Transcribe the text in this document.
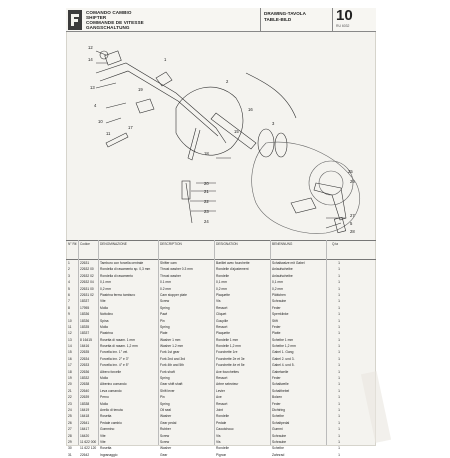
COMANDO CAMBIO
SHIFTER
COMMANDE DE VITESSE
GANGSCHALTUNG
DRAWING-TAVOLA
TABLE-BILD	10
RU 6032
12
14
13
4
10
11
19
1
17
2
16
15
3
18
20
21
22
23
24
25
26
27
5
28
N° Rif. Codice	DENOMINAZIONE	DESCRIPTION	DESIGNATION	BENENNUNG	Q.ta
1	22631	Tamburo con forcella centrale	Shifter cam	Barillet avec fourchette	Schaltwalze mit Gabel	1
2	22632 00	Rondella di rasamento sp. 0,3 mm	Thrust washer 0.3 mm	Rondelle d'ajustement	Anlaufscheibe	1
3	22632 02	Rondella di rasamento	Thrust washer	Rondelle	Anlaufscheibe	1
4	22632 04	0,1 mm	0.1 mm	0,1 mm	0,1 mm	1
5	22631 00	0,2 mm	0.2 mm	0,2 mm	0,2 mm	1
6	22631 02	Piastrina fermo tamburo	Cam stopper plate	Plaquette	Plättchen	1
7	18337	Vite	Screw	Vis	Schraube	1
8	17955	Molla	Spring	Ressort	Feder	1
9	18336	Nottolino	Pawl	Cliquet	Sperrklinke	1
10	18336	Spina	Pin	Goupille	Stift	1
11	18335	Molla	Spring	Ressort	Feder	1
12	18337	Piastrina	Plate	Plaquette	Platte	1
13	8 16415	Rosetta di rasam. 1 mm	Washer 1 mm	Rondelle 1 mm	Scheibe 1 mm	1
14	16416	Rosetta di rasam. 1,2 mm	Washer 1.2 mm	Rondelle 1,2 mm	Scheibe 1,2 mm	1
15	22635	Forcella inn. 1° vel.	Fork 1st gear	Fourchette 1re	Gabel 1. Gang	1
16	22634	Forcella inn. 2° e 3°	Fork 2nd and 3rd	Fourchette 2e et 3e	Gabel 2. und 3.	1
17	22633	Forcella inn. 4° e 5°	Fork 4th and 5th	Fourchette 4e et 5e	Gabel 4. und 5.	1
18	22636	Albero forcelle	Fork shaft	Axe fourchettes	Gabelwelle	1
19	18332	Molla	Spring	Ressort	Feder	1
20	22638	Alberino comando	Gear shift shaft	Arbre selecteur	Schaltwelle	1
21	22640	Leva comando	Shift lever	Levier	Schalthebel	1
22	22639	Perno	Pin	Axe	Bolzen	1
23	18338	Molla	Spring	Ressort	Feder	1
24	16419	Anello di tenuta	Oil seal	Joint	Dichtring	1
25	16418	Rosetta	Washer	Rondelle	Scheibe	1
26	22641	Pedale cambio	Gear pedal	Pedale	Schaltpedal	1
27	16417	Gommino	Rubber	Caoutchouc	Gummi	1
28	16420	Vite	Screw	Vis	Schraube	1
29	11 622 000 Vite	Screw	Vis	Schraube	1
30	11 622 120 Rosetta	Washer	Rondelle	Scheibe	1
31	22642	Ingranaggio	Gear	Pignon	Zahnrad	1
